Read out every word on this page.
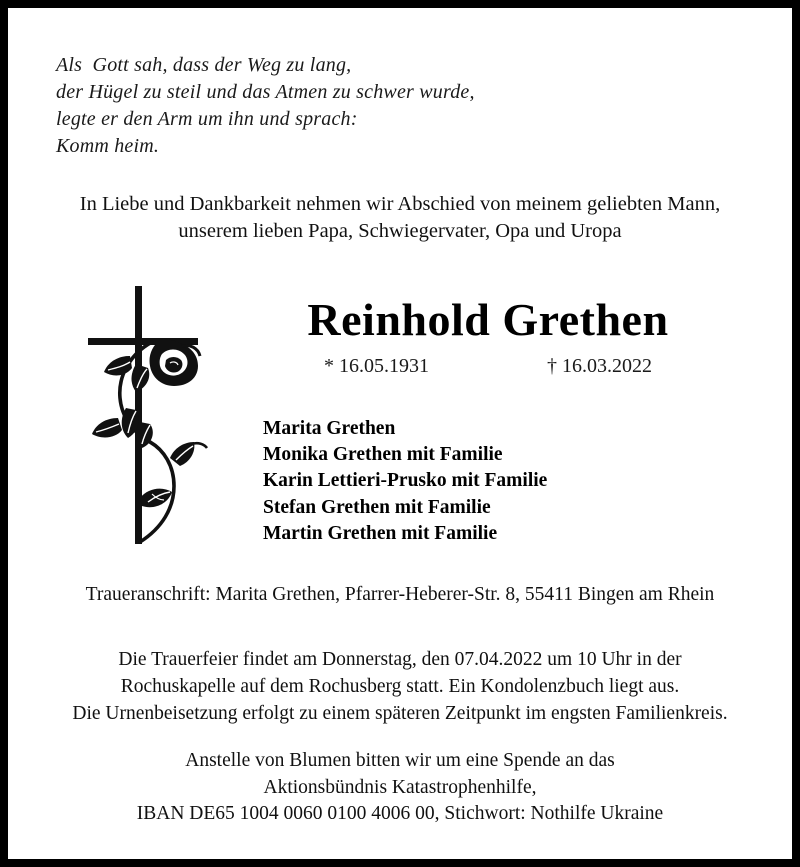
Als  Gott sah, dass der Weg zu lang,
der Hügel zu steil und das Atmen zu schwer wurde,
legte er den Arm um ihn und sprach:
Komm heim.
In Liebe und Dankbarkeit nehmen wir Abschied von meinem geliebten Mann,
unserem lieben Papa, Schwiegervater, Opa und Uropa
Reinhold Grethen
* 16.05.1931	† 16.03.2022
Marita Grethen
Monika Grethen mit Familie
Karin Lettieri-Prusko mit Familie
Stefan Grethen mit Familie
Martin Grethen mit Familie
Traueranschrift: Marita Grethen, Pfarrer-Heberer-Str. 8, 55411 Bingen am Rhein
Die Trauerfeier findet am Donnerstag, den 07.04.2022 um 10 Uhr in der
Rochuskapelle auf dem Rochusberg statt. Ein Kondolenzbuch liegt aus.
Die Urnenbeisetzung erfolgt zu einem späteren Zeitpunkt im engsten Familienkreis.
Anstelle von Blumen bitten wir um eine Spende an das
Aktionsbündnis Katastrophenhilfe,
IBAN DE65 1004 0060 0100 4006 00, Stichwort: Nothilfe Ukraine
